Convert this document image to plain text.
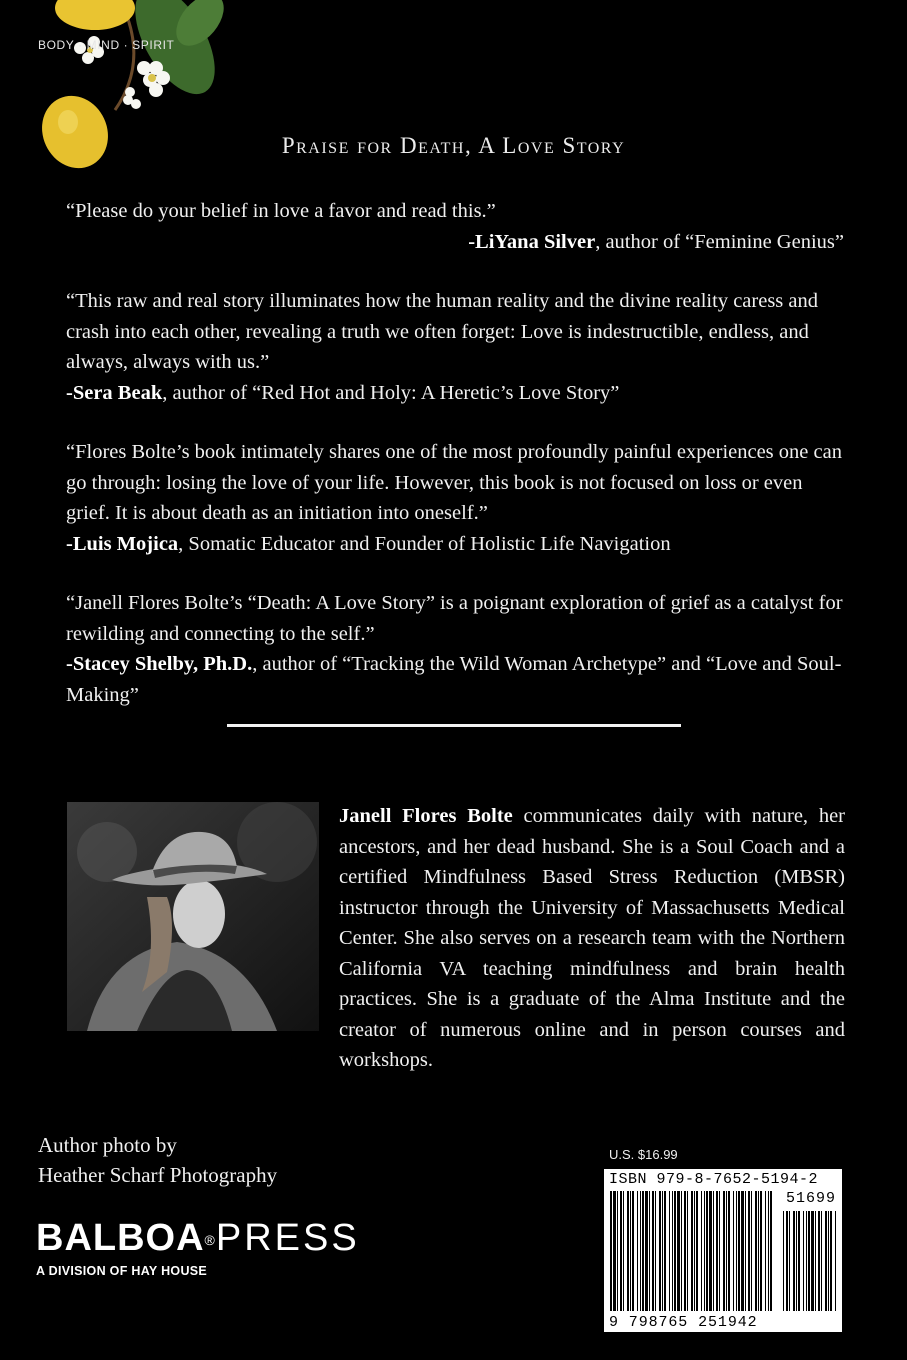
BODY · MIND · SPIRIT
Praise for Death, A Love Story

“Please do your belief in love a favor and read this.”

-LiYana Silver, author of “Feminine Genius”

“This raw and real story illuminates how the human reality and the divine reality caress and crash into each other, revealing a truth we often forget: Love is indestructible, endless, and always, always with us.”

-Sera Beak, author of “Red Hot and Holy: A Heretic’s Love Story”

“Flores Bolte’s book intimately shares one of the most profoundly painful experiences one can go through: losing the love of your life. However, this book is not focused on loss or even grief. It is about death as an initiation into oneself.”

-Luis Mojica, Somatic Educator and Founder of Holistic Life Navigation

“Janell Flores Bolte’s “Death: A Love Story” is a poignant exploration of grief as a catalyst for rewilding and connecting to the self.”

-Stacey Shelby, Ph.D., author of “Tracking the Wild Woman Archetype” and “Love and Soul-Making”

Janell Flores Bolte communicates daily with nature, her ancestors, and her dead husband. She is a Soul Coach and a certified Mindfulness Based Stress Reduction (MBSR) instructor through the University of Massachusetts Medical Center. She also serves on a research team with the Northern California VA teaching mindfulness and brain health practices. She is a graduate of the Alma Institute and the creator of numerous online and in person courses and workshops.

Author photo by
Heather Scharf Photography
BALBOA®PRESS
A DIVISION OF HAY HOUSE
U.S. $16.99
ISBN 979-8-7652-5194-2
51699
9 798765 251942
